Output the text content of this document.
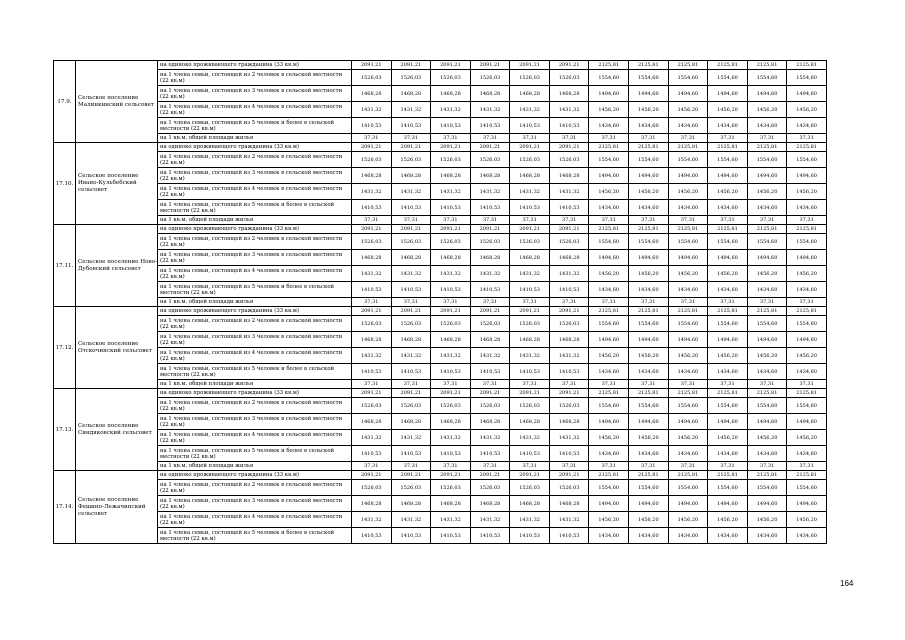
17.9.	Сельское поселение Малинкинский сельсовет	на одиноко проживающего гражданина (33 кв.м)	2091,21	2091,21	2091,21	2091,21	2091,21	2091,21	2125,81	2125,81	2125,81	2125,81	2125,81	2125,81
		на 1 члена семьи, состоящей из 2 человек в сельской местности (22 кв.м)	1526,03	1526,03	1526,03	1526,03	1526,03	1526,03	1554,60	1554,60	1554,60	1554,60	1554,60	1554,60
		на 1 члена семьи, состоящей из 3 человек в сельской местности (22 кв.м)	1468,28	1468,28	1468,28	1468,28	1468,28	1468,28	1494,60	1494,60	1494,60	1494,60	1494,60	1494,60
		на 1 члена семьи, состоящей из 4 человек в сельской местности (22 кв.м)	1431,32	1431,32	1431,32	1431,32	1431,32	1431,32	1456,20	1456,20	1456,20	1456,20	1456,20	1456,20
		на 1 члена семьи, состоящей из 5 человек и более в сельской местности (22 кв.м)	1410,53	1410,53	1410,53	1410,53	1410,53	1410,53	1434,60	1434,60	1434,60	1434,60	1434,60	1434,60
		на 1 кв.м. общей площади жилья	37,31	37,31	37,31	37,31	37,31	37,31	37,31	37,31	37,31	37,31	37,31	37,31
17.10.	Сельское поселение Ивано-Кульбебский сельсовет	на одиноко проживающего гражданина (33 кв.м)	2091,21	2091,21	2091,21	2091,21	2091,21	2091,21	2125,81	2125,81	2125,81	2125,81	2125,81	2125,81
		на 1 члена семьи, состоящей из 2 человек в сельской местности (22 кв.м)	1526,03	1526,03	1526,03	1526,03	1526,03	1526,03	1554,60	1554,60	1554,60	1554,60	1554,60	1554,60
		на 1 члена семьи, состоящей из 3 человек в сельской местности (22 кв.м)	1468,28	1468,28	1468,28	1468,28	1468,28	1468,28	1494,60	1494,60	1494,60	1494,60	1494,60	1494,60
		на 1 члена семьи, состоящей из 4 человек в сельской местности (22 кв.м)	1431,32	1431,32	1431,32	1431,32	1431,32	1431,32	1456,20	1456,20	1456,20	1456,20	1456,20	1456,20
		на 1 члена семьи, состоящей из 5 человек и более в сельской местности (22 кв.м)	1410,53	1410,53	1410,53	1410,53	1410,53	1410,53	1434,60	1434,60	1434,60	1434,60	1434,60	1434,60
		на 1 кв.м. общей площади жилья	37,31	37,31	37,31	37,31	37,31	37,31	37,31	37,31	37,31	37,31	37,31	37,31
17.11.	Сельское поселение Ново-Дубовский сельсовет	на одиноко проживающего гражданина (33 кв.м)	2091,21	2091,21	2091,21	2091,21	2091,21	2091,21	2125,81	2125,81	2125,81	2125,81	2125,81	2125,81
		на 1 члена семьи, состоящей из 2 человек в сельской местности (22 кв.м)	1526,03	1526,03	1526,03	1526,03	1526,03	1526,03	1554,60	1554,60	1554,60	1554,60	1554,60	1554,60
		на 1 члена семьи, состоящей из 3 человек в сельской местности (22 кв.м)	1468,28	1468,28	1468,28	1468,28	1468,28	1468,28	1494,60	1494,60	1494,60	1494,60	1494,60	1494,60
		на 1 члена семьи, состоящей из 4 человек в сельской местности (22 кв.м)	1431,32	1431,32	1431,32	1431,32	1431,32	1431,32	1456,20	1456,20	1456,20	1456,20	1456,20	1456,20
		на 1 члена семьи, состоящей из 5 человек и более в сельской местности (22 кв.м)	1410,53	1410,53	1410,53	1410,53	1410,53	1410,53	1434,60	1434,60	1434,60	1434,60	1434,60	1434,60
		на 1 кв.м. общей площади жилья	37,31	37,31	37,31	37,31	37,31	37,31	37,31	37,31	37,31	37,31	37,31	37,31
17.12.	Сельское поселение Отскочинский сельсовет	на одиноко проживающего гражданина (33 кв.м)	2091,21	2091,21	2091,21	2091,21	2091,21	2091,21	2125,81	2125,81	2125,81	2125,81	2125,81	2125,81
		на 1 члена семьи, состоящей из 2 человек в сельской местности (22 кв.м)	1526,03	1526,03	1526,03	1526,03	1526,03	1526,03	1554,60	1554,60	1554,60	1554,60	1554,60	1554,60
		на 1 члена семьи, состоящей из 3 человек в сельской местности (22 кв.м)	1468,28	1468,28	1468,28	1468,28	1468,28	1468,28	1494,60	1494,60	1494,60	1494,60	1494,60	1494,60
		на 1 члена семьи, состоящей из 4 человек в сельской местности (22 кв.м)	1431,32	1431,32	1431,32	1431,32	1431,32	1431,32	1456,20	1456,20	1456,20	1456,20	1456,20	1456,20
		на 1 члена семьи, состоящей из 5 человек и более в сельской местности (22 кв.м)	1410,53	1410,53	1410,53	1410,53	1410,53	1410,53	1434,60	1434,60	1434,60	1434,60	1434,60	1434,60
		на 1 кв.м. общей площади жилья	37,31	37,31	37,31	37,31	37,31	37,31	37,31	37,31	37,31	37,31	37,31	37,31
17.13.	Сельское поселение Синдяковский сельсовет	на одиноко проживающего гражданина (33 кв.м)	2091,21	2091,21	2091,21	2091,21	2091,21	2091,21	2125,81	2125,81	2125,81	2125,81	2125,81	2125,81
		на 1 члена семьи, состоящей из 2 человек в сельской местности (22 кв.м)	1526,03	1526,03	1526,03	1526,03	1526,03	1526,03	1554,60	1554,60	1554,60	1554,60	1554,60	1554,60
		на 1 члена семьи, состоящей из 3 человек в сельской местности (22 кв.м)	1468,28	1468,28	1468,28	1468,28	1468,28	1468,28	1494,60	1494,60	1494,60	1494,60	1494,60	1494,60
		на 1 члена семьи, состоящей из 4 человек в сельской местности (22 кв.м)	1431,32	1431,32	1431,32	1431,32	1431,32	1431,32	1456,20	1456,20	1456,20	1456,20	1456,20	1456,20
		на 1 члена семьи, состоящей из 5 человек и более в сельской местности (22 кв.м)	1410,53	1410,53	1410,53	1410,53	1410,53	1410,53	1434,60	1434,60	1434,60	1434,60	1434,60	1434,60
		на 1 кв.м. общей площади жилья	37,31	37,31	37,31	37,31	37,31	37,31	37,31	37,31	37,31	37,31	37,31	37,31
17.14.	Сельское поселение Фешино-Лежачинский сельсовет	на одиноко проживающего гражданина (33 кв.м)	2091,21	2091,21	2091,21	2091,21	2091,21	2091,21	2125,81	2125,81	2125,81	2125,81	2125,81	2125,81
		на 1 члена семьи, состоящей из 2 человек в сельской местности (22 кв.м)	1526,03	1526,03	1526,03	1526,03	1526,03	1526,03	1554,60	1554,60	1554,60	1554,60	1554,60	1554,60
		на 1 члена семьи, состоящей из 3 человек в сельской местности (22 кв.м)	1468,28	1468,28	1468,28	1468,28	1468,28	1468,28	1494,60	1494,60	1494,60	1494,60	1494,60	1494,60
		на 1 члена семьи, состоящей из 4 человек в сельской местности (22 кв.м)	1431,32	1431,32	1431,32	1431,32	1431,32	1431,32	1456,20	1456,20	1456,20	1456,20	1456,20	1456,20
		на 1 члена семьи, состоящей из 5 человек и более в сельской местности (22 кв.м)	1410,53	1410,53	1410,53	1410,53	1410,53	1410,53	1434,60	1434,60	1434,60	1434,60	1434,60	1434,60
164
